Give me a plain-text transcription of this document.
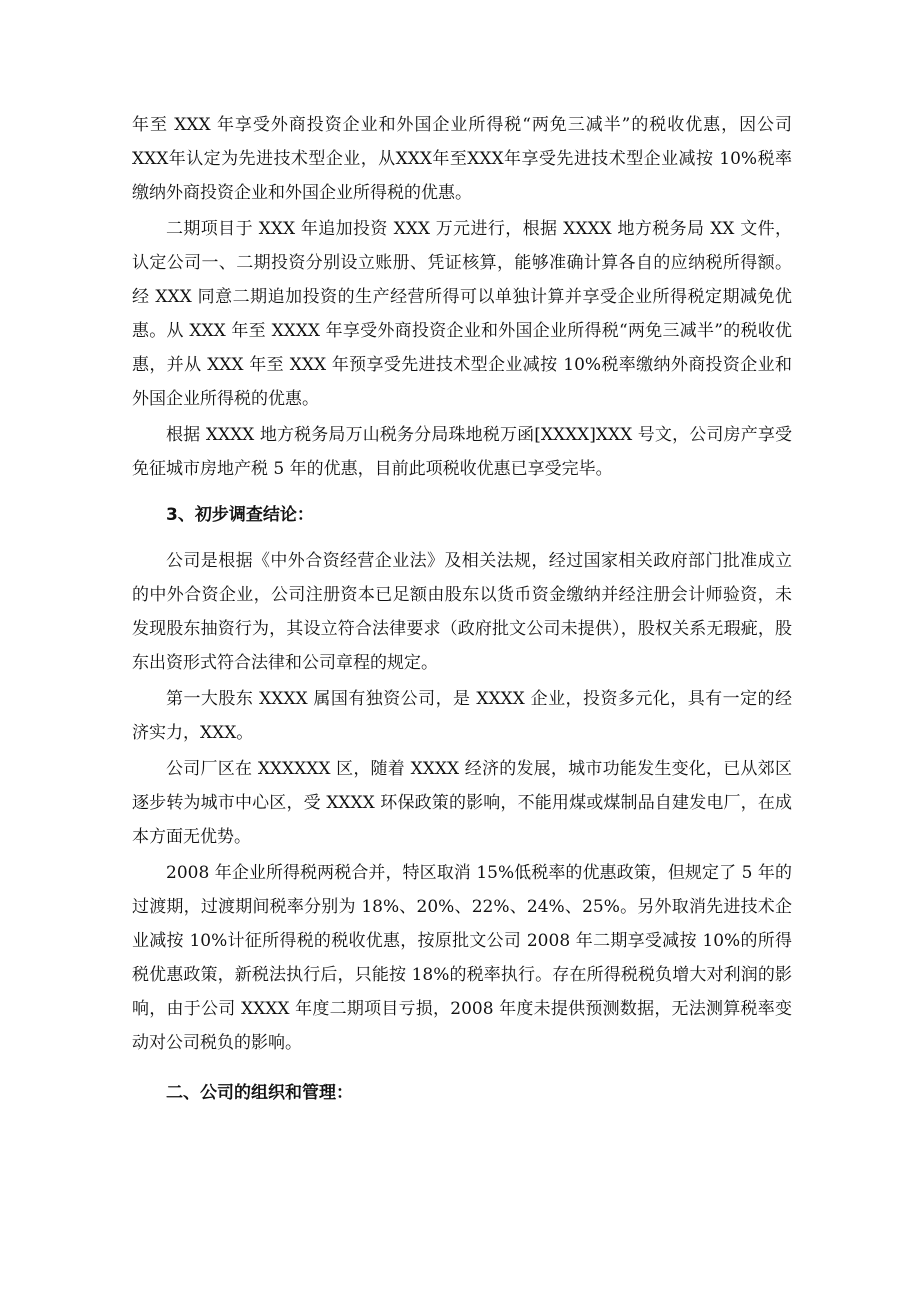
年至 XXX 年享受外商投资企业和外国企业所得税“两免三减半”的税收优惠，因公司XXX年认定为先进技术型企业，从XXX年至XXX年享受先进技术型企业减按 10%税率缴纳外商投资企业和外国企业所得税的优惠。

二期项目于 XXX 年追加投资 XXX 万元进行，根据 XXXX 地方税务局 XX 文件，认定公司一、二期投资分别设立账册、凭证核算，能够准确计算各自的应纳税所得额。经 XXX 同意二期追加投资的生产经营所得可以单独计算并享受企业所得税定期减免优惠。从 XXX 年至 XXXX 年享受外商投资企业和外国企业所得税“两免三减半”的税收优惠，并从 XXX 年至 XXX 年预享受先进技术型企业减按 10%税率缴纳外商投资企业和外国企业所得税的优惠。

根据 XXXX 地方税务局万山税务分局珠地税万函[XXXX]XXX 号文，公司房产享受免征城市房地产税 5 年的优惠，目前此项税收优惠已享受完毕。

3、初步调查结论：

公司是根据《中外合资经营企业法》及相关法规，经过国家相关政府部门批准成立的中外合资企业，公司注册资本已足额由股东以货币资金缴纳并经注册会计师验资，未发现股东抽资行为，其设立符合法律要求（政府批文公司未提供），股权关系无瑕疵，股东出资形式符合法律和公司章程的规定。

第一大股东 XXXX 属国有独资公司，是 XXXX 企业，投资多元化，具有一定的经济实力，XXX。

公司厂区在 XXXXXX 区，随着 XXXX 经济的发展，城市功能发生变化，已从郊区逐步转为城市中心区，受 XXXX 环保政策的影响，不能用煤或煤制品自建发电厂，在成本方面无优势。

2008 年企业所得税两税合并，特区取消 15%低税率的优惠政策，但规定了 5 年的过渡期，过渡期间税率分别为 18%、20%、22%、24%、25%。另外取消先进技术企业减按 10%计征所得税的税收优惠，按原批文公司 2008 年二期享受减按 10%的所得税优惠政策，新税法执行后，只能按 18%的税率执行。存在所得税税负增大对利润的影响，由于公司 XXXX 年度二期项目亏损，2008 年度未提供预测数据，无法测算税率变动对公司税负的影响。

二、公司的组织和管理：
